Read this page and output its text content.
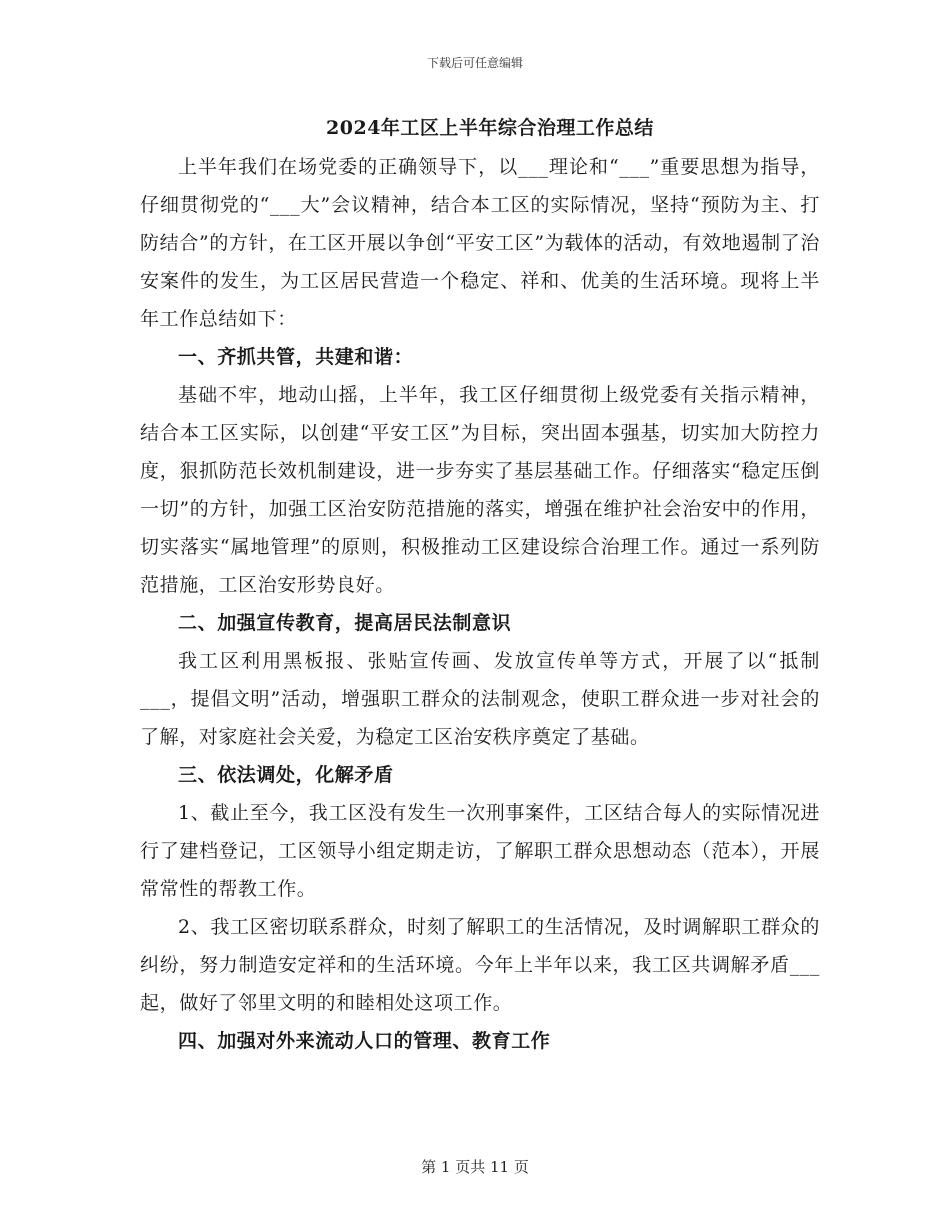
下载后可任意编辑
2024年工区上半年综合治理工作总结

上半年我们在场党委的正确领导下，以___理论和“___”重要思想为指导，仔细贯彻党的“___大”会议精神，结合本工区的实际情况，坚持“预防为主、打防结合”的方针，在工区开展以争创“平安工区”为载体的活动，有效地遏制了治安案件的发生，为工区居民营造一个稳定、祥和、优美的生活环境。现将上半年工作总结如下：

一、齐抓共管，共建和谐：

基础不牢，地动山摇，上半年，我工区仔细贯彻上级党委有关指示精神，结合本工区实际，以创建“平安工区”为目标，突出固本强基，切实加大防控力度，狠抓防范长效机制建设，进一步夯实了基层基础工作。仔细落实“稳定压倒一切”的方针，加强工区治安防范措施的落实，增强在维护社会治安中的作用，切实落实“属地管理”的原则，积极推动工区建设综合治理工作。通过一系列防范措施，工区治安形势良好。

二、加强宣传教育，提高居民法制意识

我工区利用黑板报、张贴宣传画、发放宣传单等方式，开展了以“抵制___，提倡文明”活动，增强职工群众的法制观念，使职工群众进一步对社会的了解，对家庭社会关爱，为稳定工区治安秩序奠定了基础。

三、依法调处，化解矛盾

1、截止至今，我工区没有发生一次刑事案件，工区结合每人的实际情况进行了建档登记，工区领导小组定期走访，了解职工群众思想动态（范本），开展常常性的帮教工作。

2、我工区密切联系群众，时刻了解职工的生活情况，及时调解职工群众的纠纷，努力制造安定祥和的生活环境。今年上半年以来，我工区共调解矛盾___起，做好了邻里文明的和睦相处这项工作。

四、加强对外来流动人口的管理、教育工作
第 1 页共 11 页
